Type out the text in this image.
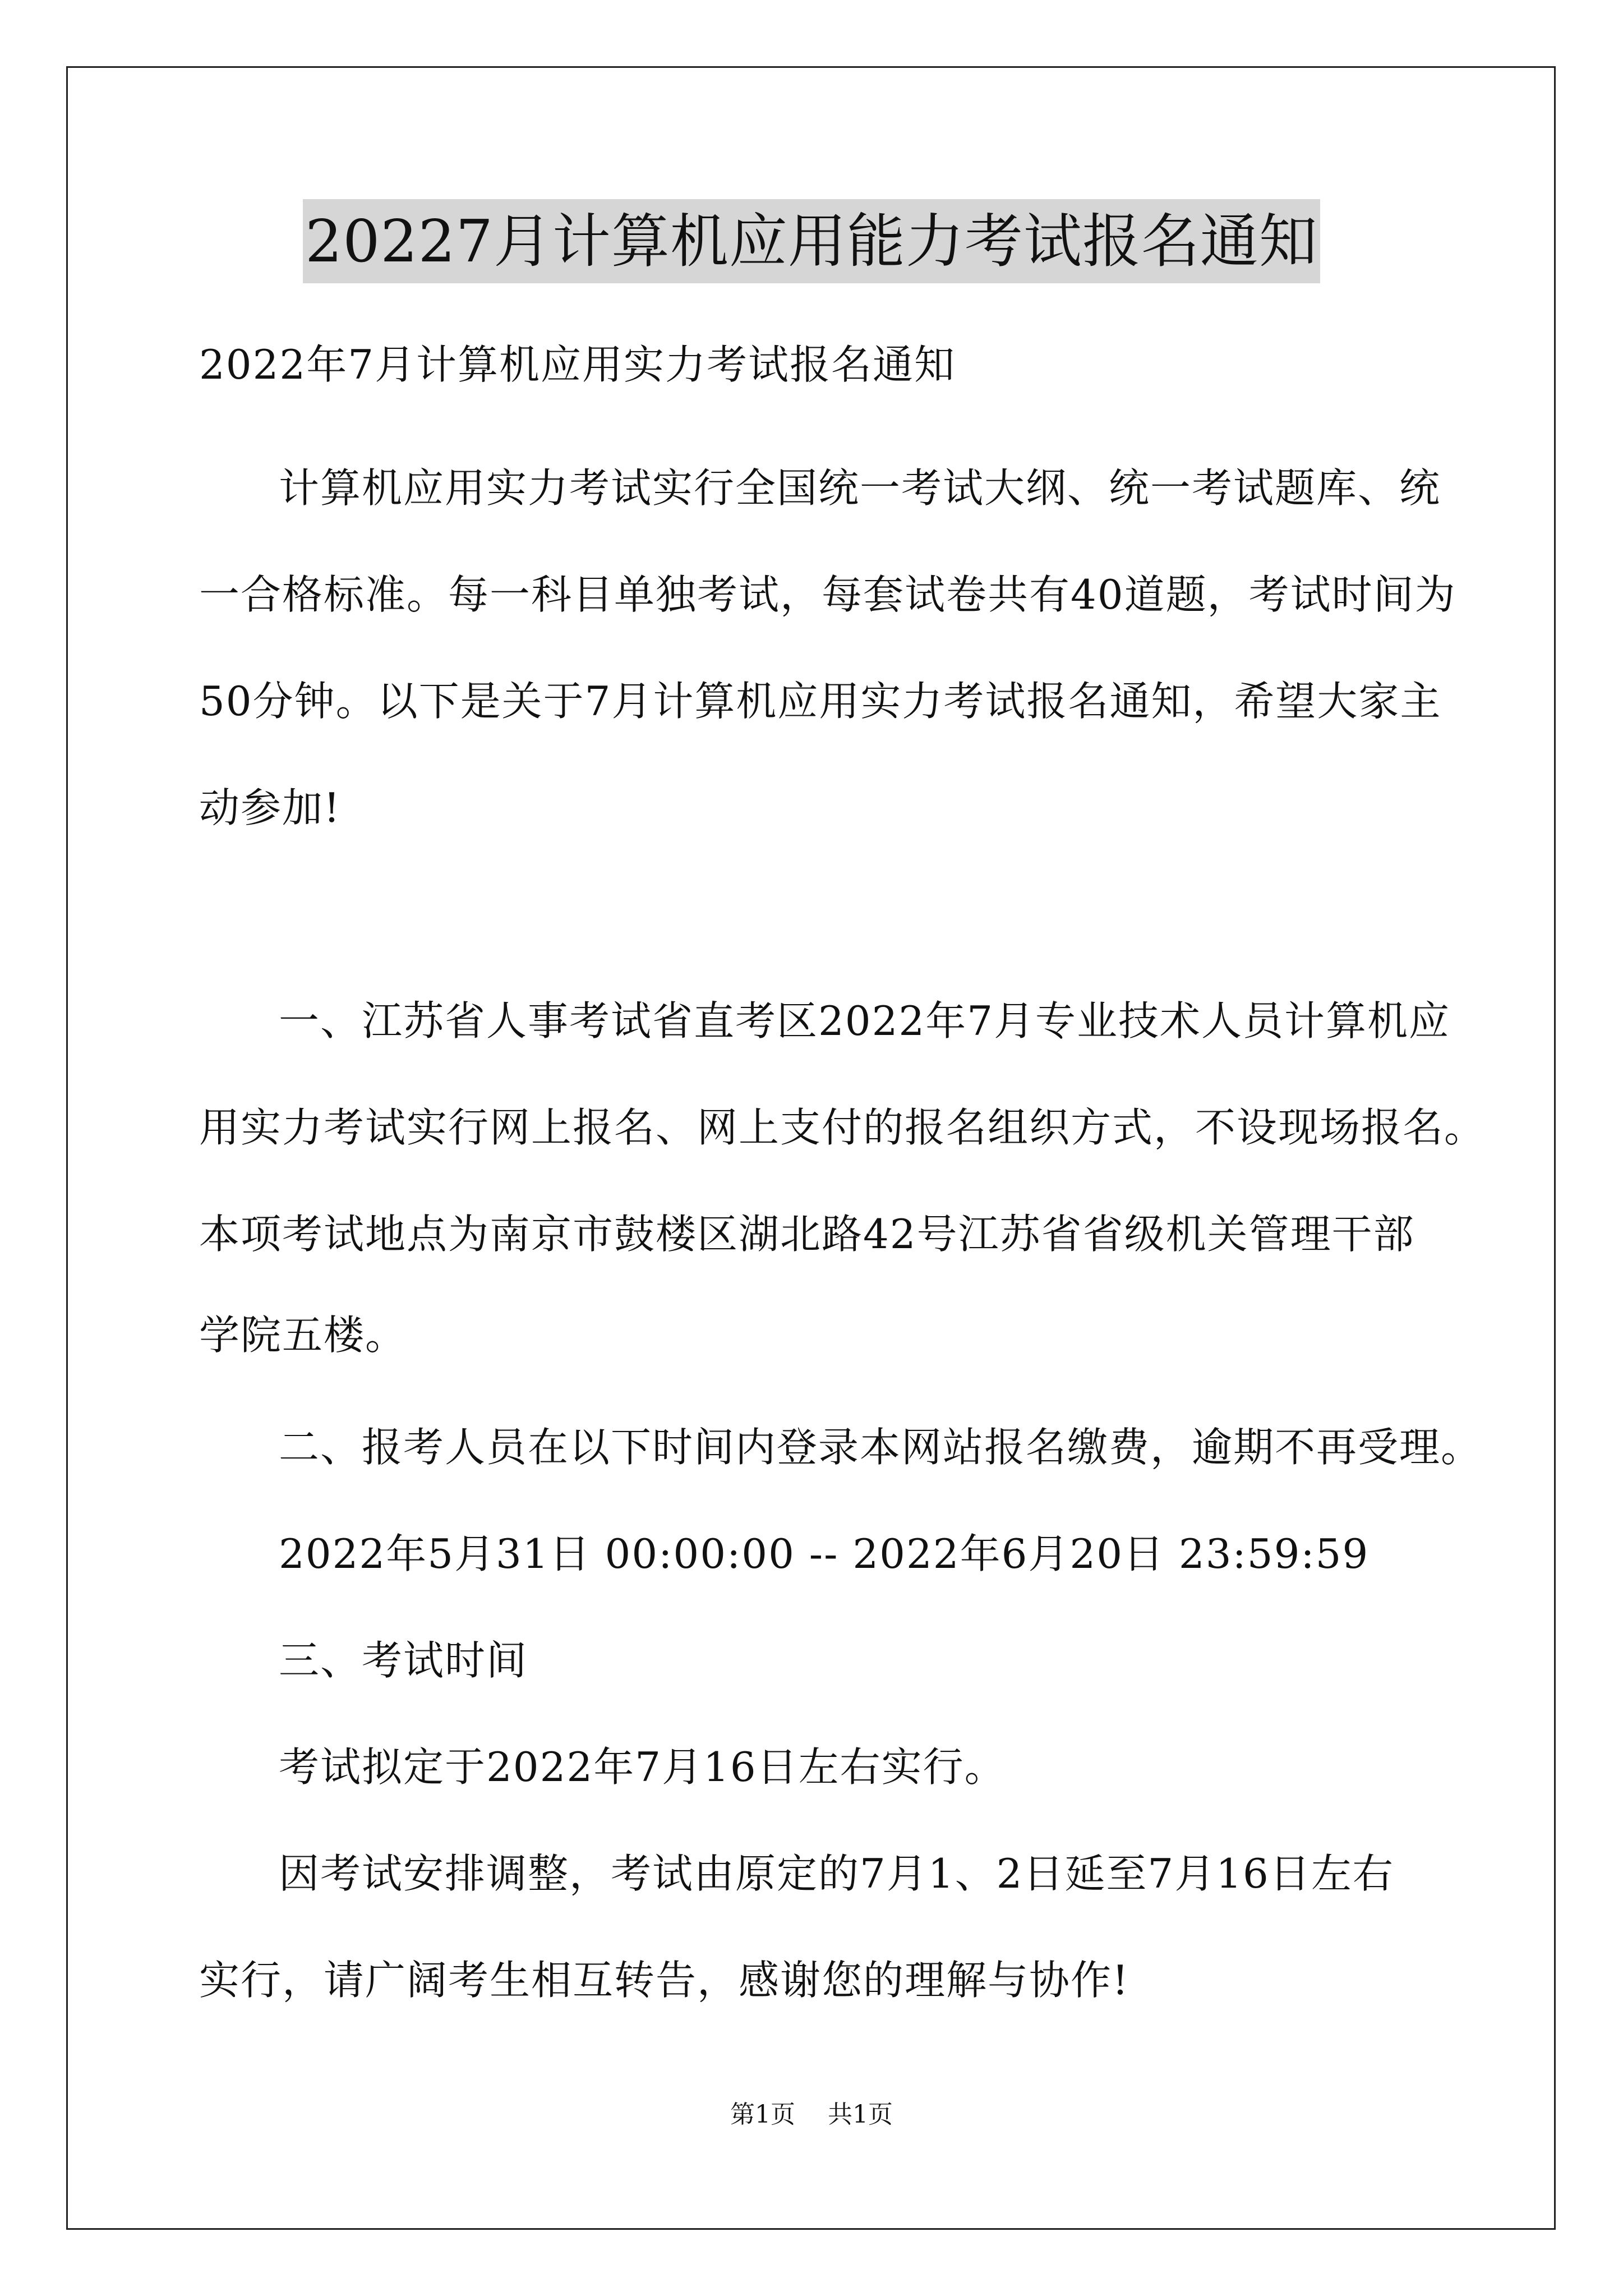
20227月计算机应用能力考试报名通知
2022年7月计算机应用实力考试报名通知
计算机应用实力考试实行全国统一考试大纲、统一考试题库、统
一合格标准。每一科目单独考试，每套试卷共有40道题，考试时间为
50分钟。以下是关于7月计算机应用实力考试报名通知，希望大家主
动参加!
一、江苏省人事考试省直考区2022年7月专业技术人员计算机应
用实力考试实行网上报名、网上支付的报名组织方式，不设现场报名。
本项考试地点为南京市鼓楼区湖北路42号江苏省省级机关管理干部
学院五楼。
二、报考人员在以下时间内登录本网站报名缴费，逾期不再受理。
2022年5月31日 00:00:00 -- 2022年6月20日 23:59:59
三、考试时间
考试拟定于2022年7月16日左右实行。
因考试安排调整，考试由原定的7月1、2日延至7月16日左右
实行，请广阔考生相互转告，感谢您的理解与协作!
第1页 共1页
